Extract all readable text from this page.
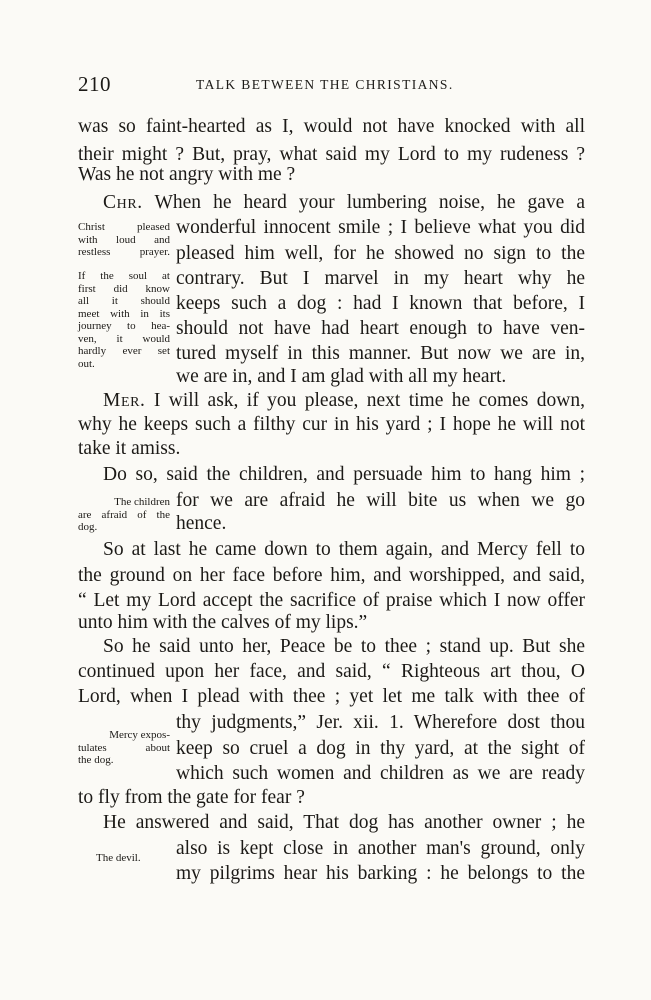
210	TALK BETWEEN THE CHRISTIANS.
was so faint-hearted as I, would not have knocked with all
their might ? But, pray, what said my Lord to my rudeness ?
Was he not angry with me ?
Chr. When he heard your lumbering noise, he gave a
wonderful innocent smile ; I believe what you did
pleased him well, for he showed no sign to the
contrary. But I marvel in my heart why he
keeps such a dog : had I known that before, I
should not have had heart enough to have ven-
tured myself in this manner. But now we are in,
we are in, and I am glad with all my heart.
Mer. I will ask, if you please, next time he comes down,
why he keeps such a filthy cur in his yard ; I hope he will not
take it amiss.
Do so, said the children, and persuade him to hang him ;
for we are afraid he will bite us when we go
hence.
So at last he came down to them again, and Mercy fell to
the ground on her face before him, and worshipped, and said,
“ Let my Lord accept the sacrifice of praise which I now offer
unto him with the calves of my lips.”
So he said unto her, Peace be to thee ; stand up. But she
continued upon her face, and said, “ Righteous art thou, O
Lord, when I plead with thee ; yet let me talk with thee of
thy judgments,” Jer. xii. 1. Wherefore dost thou
keep so cruel a dog in thy yard, at the sight of
which such women and children as we are ready
to fly from the gate for fear ?
He answered and said, That dog has another owner ; he
also is kept close in another man's ground, only
my pilgrims hear his barking : he belongs to the
Christ pleased
with loud and
restless prayer.
If the soul at
first did know
all it should
meet with in its
journey to hea-
ven, it would
hardly ever set
out.
The children
are afraid of the
dog.
Mercy expos-
tulates about
the dog.
The devil.
